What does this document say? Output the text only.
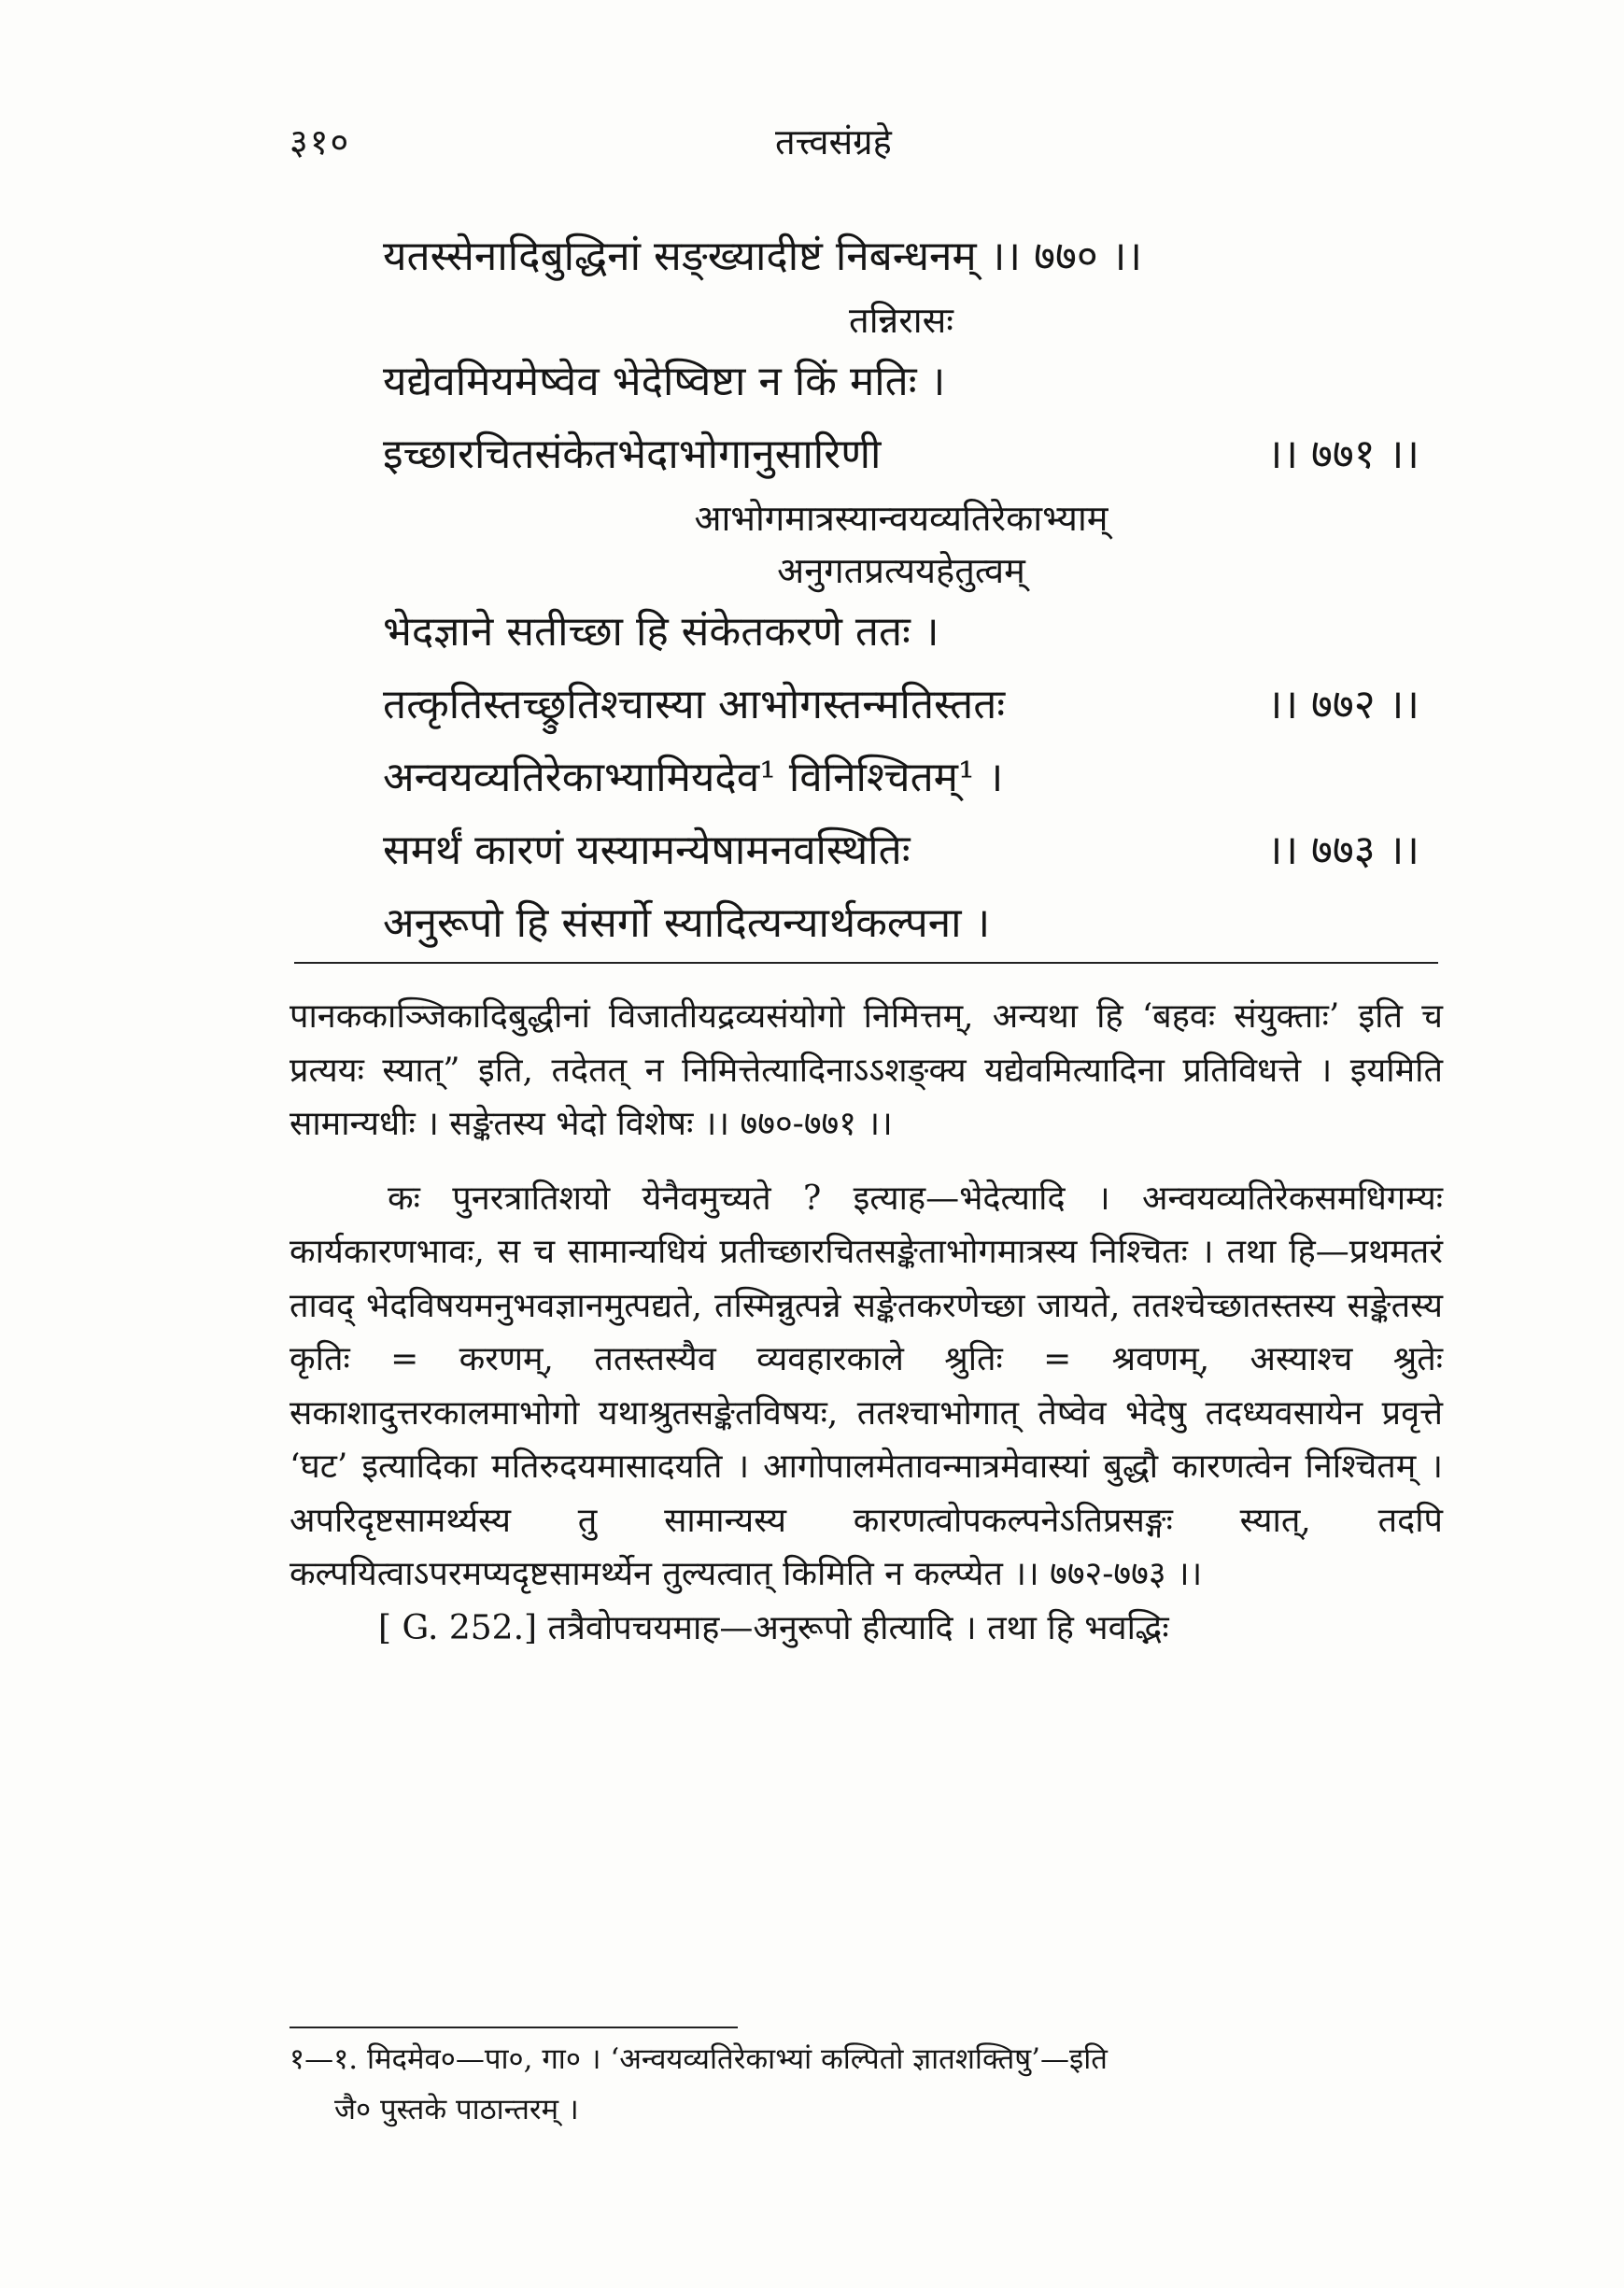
३१०	तत्त्वसंग्रहे
यतस्सेनादिबुद्धिनां सङ्ख्यादीष्टं निबन्धनम् ।। ७७० ।।
तन्निरासः
यद्येवमियमेष्वेव भेदेष्विष्टा न किं मतिः ।
इच्छारचितसंकेतभेदाभोगानुसारिणी	।। ७७१ ।।
आभोगमात्रस्यान्वयव्यतिरेकाभ्याम्
अनुगतप्रत्ययहेतुत्वम्
भेदज्ञाने सतीच्छा हि संकेतकरणे ततः ।
तत्कृतिस्तच्छ्रुतिश्चास्या आभोगस्तन्मतिस्ततः	।। ७७२ ।।
अन्वयव्यतिरेकाभ्यामियदेव¹ विनिश्चितम्¹ ।
समर्थं कारणं यस्यामन्येषामनवस्थितिः	।। ७७३ ।।
अनुरूपो हि संसर्गो स्यादित्यन्यार्थकल्पना ।

पानककाञ्जिकादिबुद्धीनां विजातीयद्रव्यसंयोगो निमित्तम्, अन्यथा हि ‘बहवः संयुक्ताः’ इति च प्रत्ययः स्यात्” इति, तदेतत् न निमित्तेत्यादिनाऽऽशङ्क्य यद्येवमित्यादिना प्रतिविधत्ते । इयमिति सामान्यधीः । सङ्केतस्य भेदो विशेषः ।। ७७०-७७१ ।।

कः पुनरत्रातिशयो येनैवमुच्यते ? इत्याह—भेदेत्यादि । अन्वयव्यतिरेकसमधिगम्यः कार्यकारणभावः, स च सामान्यधियं प्रतीच्छारचितसङ्केताभोगमात्रस्य निश्चितः । तथा हि—प्रथमतरं तावद् भेदविषयमनुभवज्ञानमुत्पद्यते, तस्मिन्नुत्पन्ने सङ्केतकरणेच्छा जायते, ततश्चेच्छातस्तस्य सङ्केतस्य कृतिः = करणम्, ततस्तस्यैव व्यवहारकाले श्रुतिः = श्रवणम्, अस्याश्च श्रुतेः सकाशादुत्तरकालमाभोगो यथाश्रुतसङ्केतविषयः, ततश्चाभोगात् तेष्वेव भेदेषु तदध्यवसायेन प्रवृत्ते ‘घट’ इत्यादिका मतिरुदयमासादयति । आगोपालमेतावन्मात्रमेवास्यां बुद्धौ कारणत्वेन निश्चितम् । अपरिदृष्टसामर्थ्यस्य तु सामान्यस्य कारणत्वोपकल्पनेऽतिप्रसङ्गः स्यात्, तदपि कल्पयित्वाऽपरमप्यदृष्टसामर्थ्येन तुल्यत्वात् किमिति न कल्प्येत ।। ७७२-७७३ ।।

[ G. 252.] तत्रैवोपचयमाह—अनुरूपो हीत्यादि । तथा हि भवद्भिः

१—१. मिदमेव०—पा०, गा० । ‘अन्वयव्यतिरेकाभ्यां कल्पितो ज्ञातशक्तिषु’—इति
जै० पुस्तके पाठान्तरम् ।
